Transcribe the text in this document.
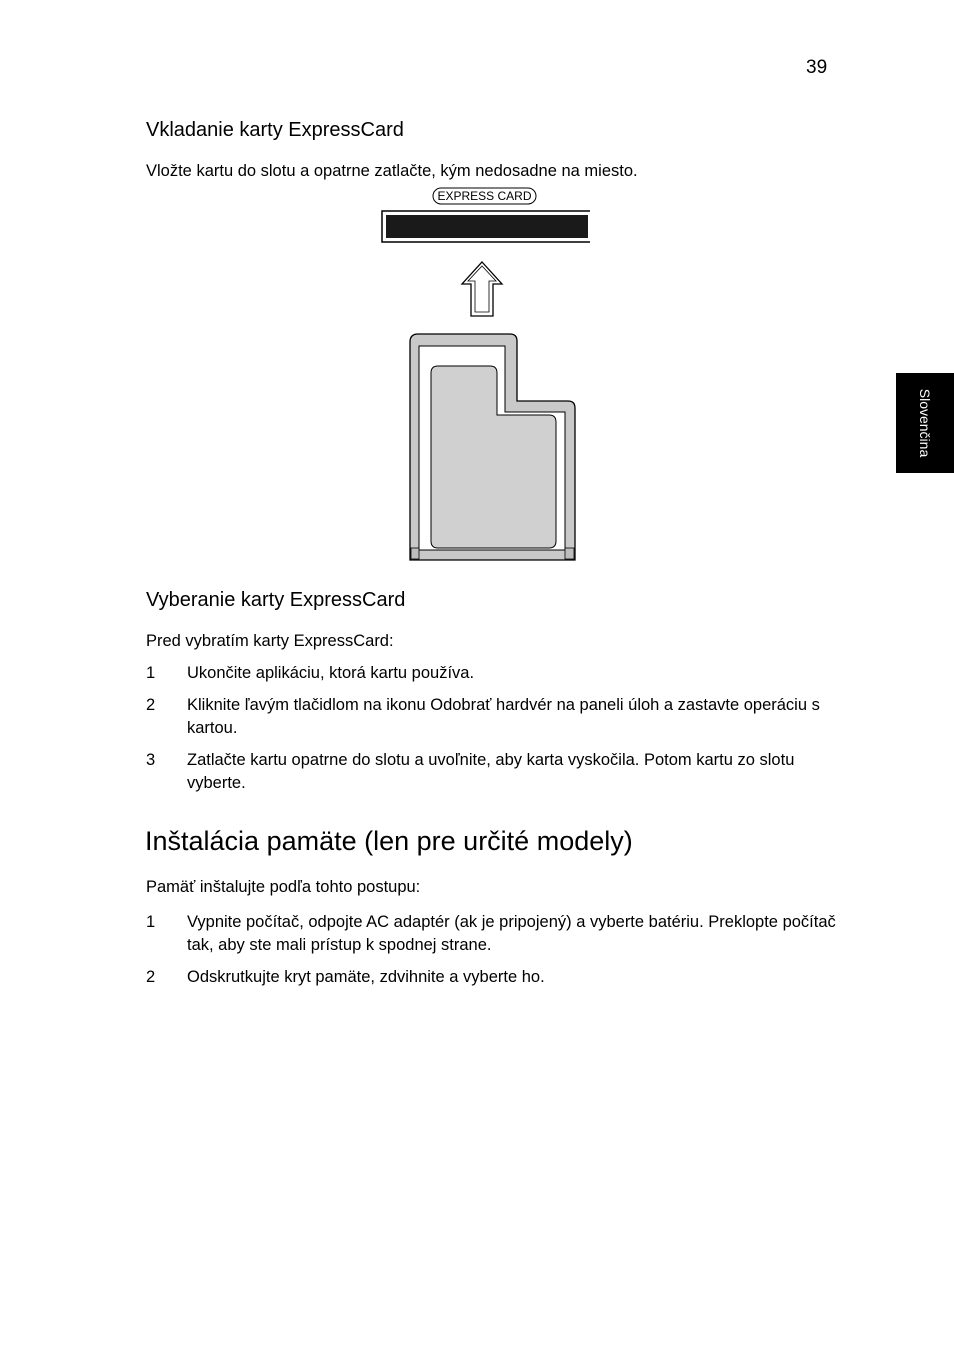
39
Slovenčina
Vkladanie karty ExpressCard
Vložte kartu do slotu a opatrne zatlačte, kým nedosadne na miesto.
EXPRESS CARD
Vyberanie karty ExpressCard
Pred vybratím karty ExpressCard:
1 Ukončite aplikáciu, ktorá kartu používa.
2 Kliknite ľavým tlačidlom na ikonu Odobrať hardvér na paneli úloh a zastavte operáciu s kartou.
3 Zatlačte kartu opatrne do slotu a uvoľnite, aby karta vyskočila. Potom kartu zo slotu vyberte.
Inštalácia pamäte (len pre určité modely)
Pamäť inštalujte podľa tohto postupu:
1 Vypnite počítač, odpojte AC adaptér (ak je pripojený) a vyberte batériu. Preklopte počítač tak, aby ste mali prístup k spodnej strane.
2 Odskrutkujte kryt pamäte, zdvihnite a vyberte ho.
